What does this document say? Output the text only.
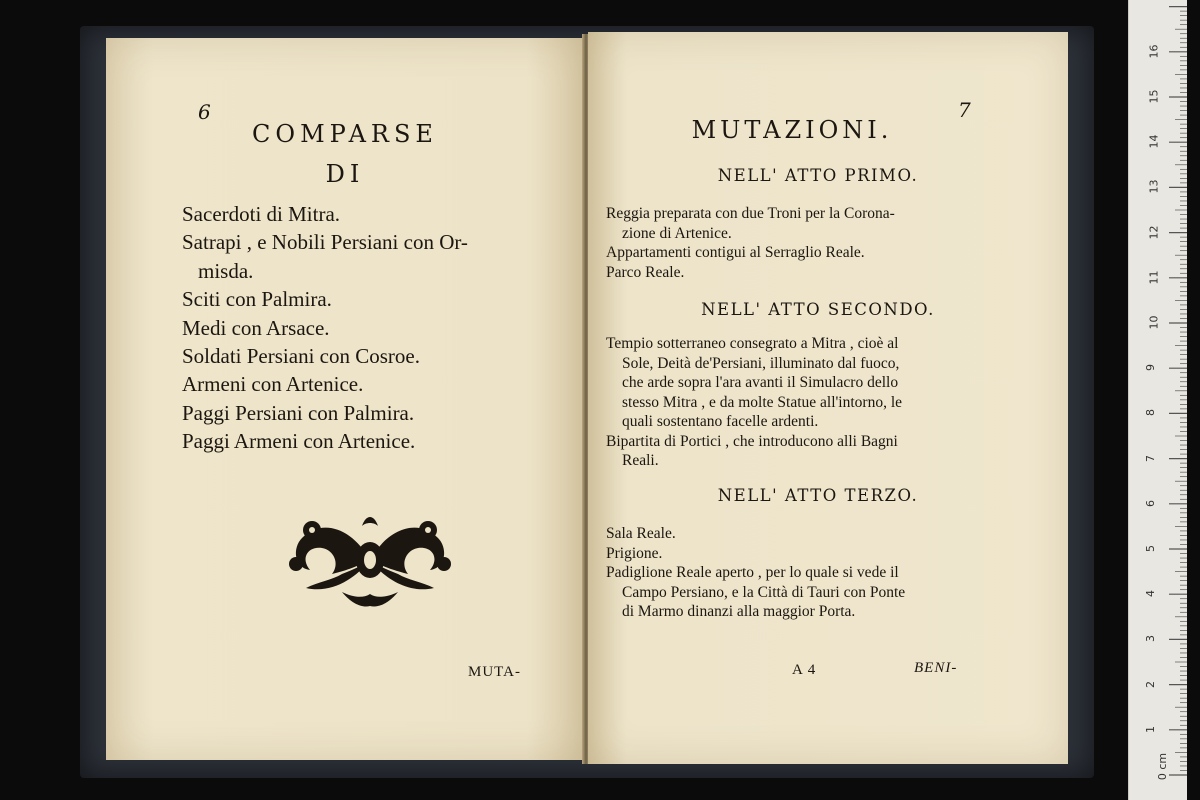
6
COMPARSE
DI
Sacerdoti di Mitra.
Satrapi , e Nobili Persiani con Or-
misda.
Sciti con Palmira.
Medi con Arsace.
Soldati Persiani con Cosroe.
Armeni con Artenice.
Paggi Persiani con Palmira.
Paggi Armeni con Artenice.
MUTA-
7
MUTAZIONI.
NELL' ATTO PRIMO.
Reggia preparata con due Troni per la Corona-
zione di Artenice.
Appartamenti contigui al Serraglio Reale.
Parco Reale.
NELL' ATTO SECONDO.
Tempio sotterraneo consegrato a Mitra , cioè al
Sole, Deità de'Persiani, illuminato dal fuoco,
che arde sopra l'ara avanti il Simulacro dello
stesso Mitra , e da molte Statue all'intorno, le
quali sostentano facelle ardenti.
Bipartita di Portici , che introducono alli Bagni
Reali.
NELL' ATTO TERZO.
Sala Reale.
Prigione.
Padiglione Reale aperto , per lo quale si vede il
Campo Persiano, e la Città di Tauri con Ponte
di Marmo dinanzi alla maggior Porta.
A 4	BENI-
1
2
3
4
5
6
7
8
9
10
11
12
13
14
15
16
0 cm
